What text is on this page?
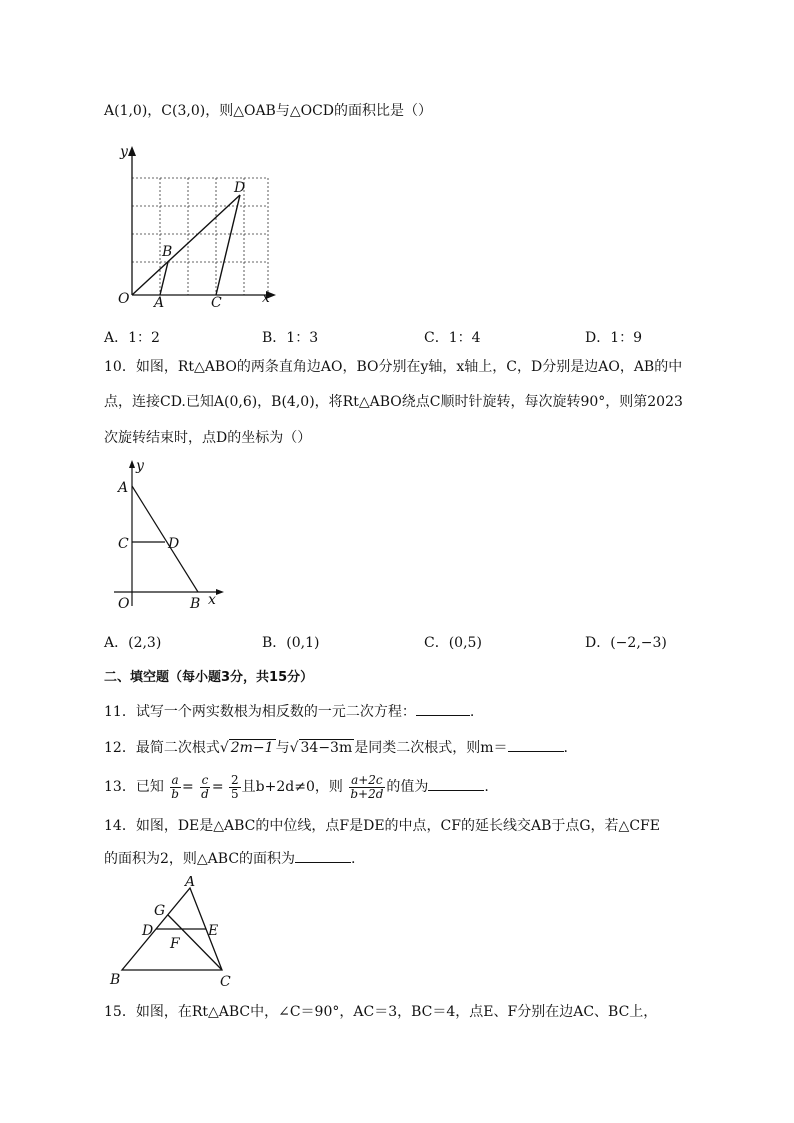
A(1,0)，C(3,0)，则△OAB与△OCD的面积比是（）
y
x
O A
B
C
D
A．1：2	B．1：3	C．1：4	D．1：9
10．如图，Rt△ABO的两条直角边AO，BO分别在y轴，x轴上，C，D分别是边AO，AB的中
点，连接CD.已知A(0,6)，B(4,0)，将Rt△ABO绕点C顺时针旋转，每次旋转90°，则第2023
次旋转结束时，点D的坐标为（）
y
x
A
C	D
O	B
A．(2,3)	B．(0,1)	C．(0,5)	D．(−2,−3)
二、填空题（每小题3分，共15分）
11．试写一个两实数根为相反数的一元二次方程：	.
12．最简二次根式√ 2m−1 与√ 34−3m 是同类二次根式，则m＝	.
13．已知 $\frac{a}{b} = \frac{c}{d} = \frac{2}{5}$ 且b+2d≠0，则 $\frac{a+2c}{b+2d}$ 的值为	.
14．如图，DE是△ABC的中位线，点F是DE的中点，CF的延长线交AB于点G，若△CFE
的面积为2，则△ABC的面积为	.
A
G
D	E
F
B	C
15．如图，在Rt△ABC中，∠C＝90°，AC＝3，BC＝4，点E、F分别在边AC、BC上，
